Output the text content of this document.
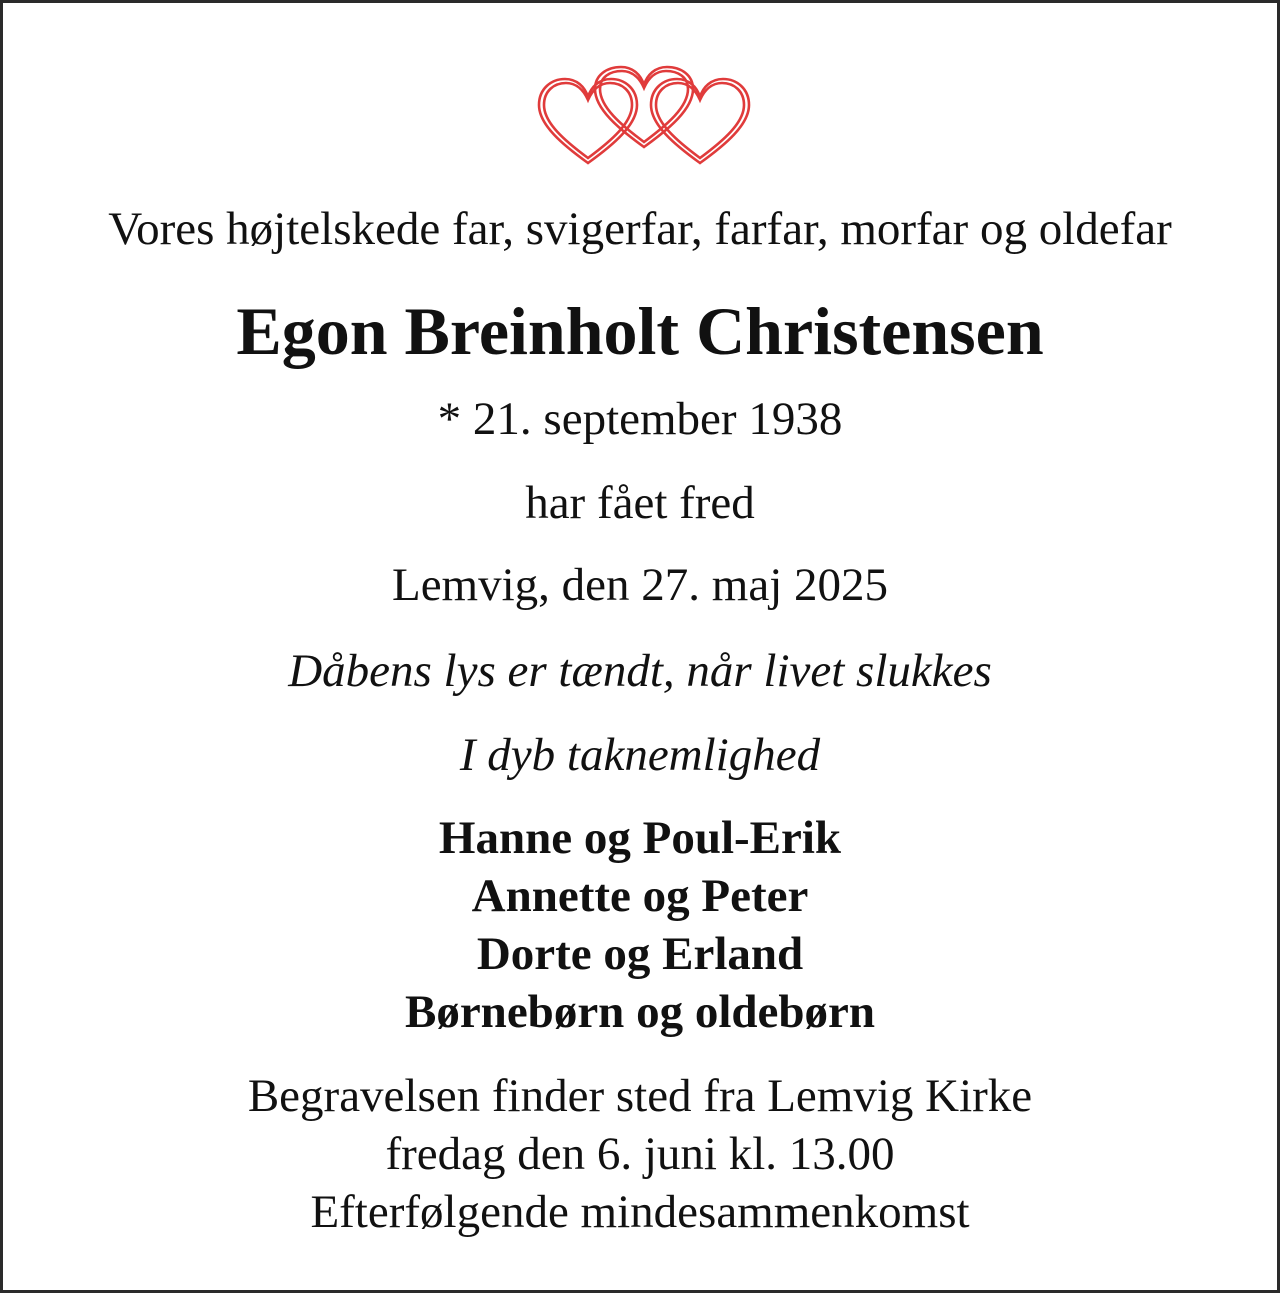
Vores højtelskede far, svigerfar, farfar, morfar og oldefar
Egon Breinholt Christensen
* 21. september 1938
har fået fred
Lemvig, den 27. maj 2025
Dåbens lys er tændt, når livet slukkes
I dyb taknemlighed
Hanne og Poul-Erik
Annette og Peter
Dorte og Erland
Børnebørn og oldebørn
Begravelsen finder sted fra Lemvig Kirke
fredag den 6. juni kl. 13.00
Efterfølgende mindesammenkomst
